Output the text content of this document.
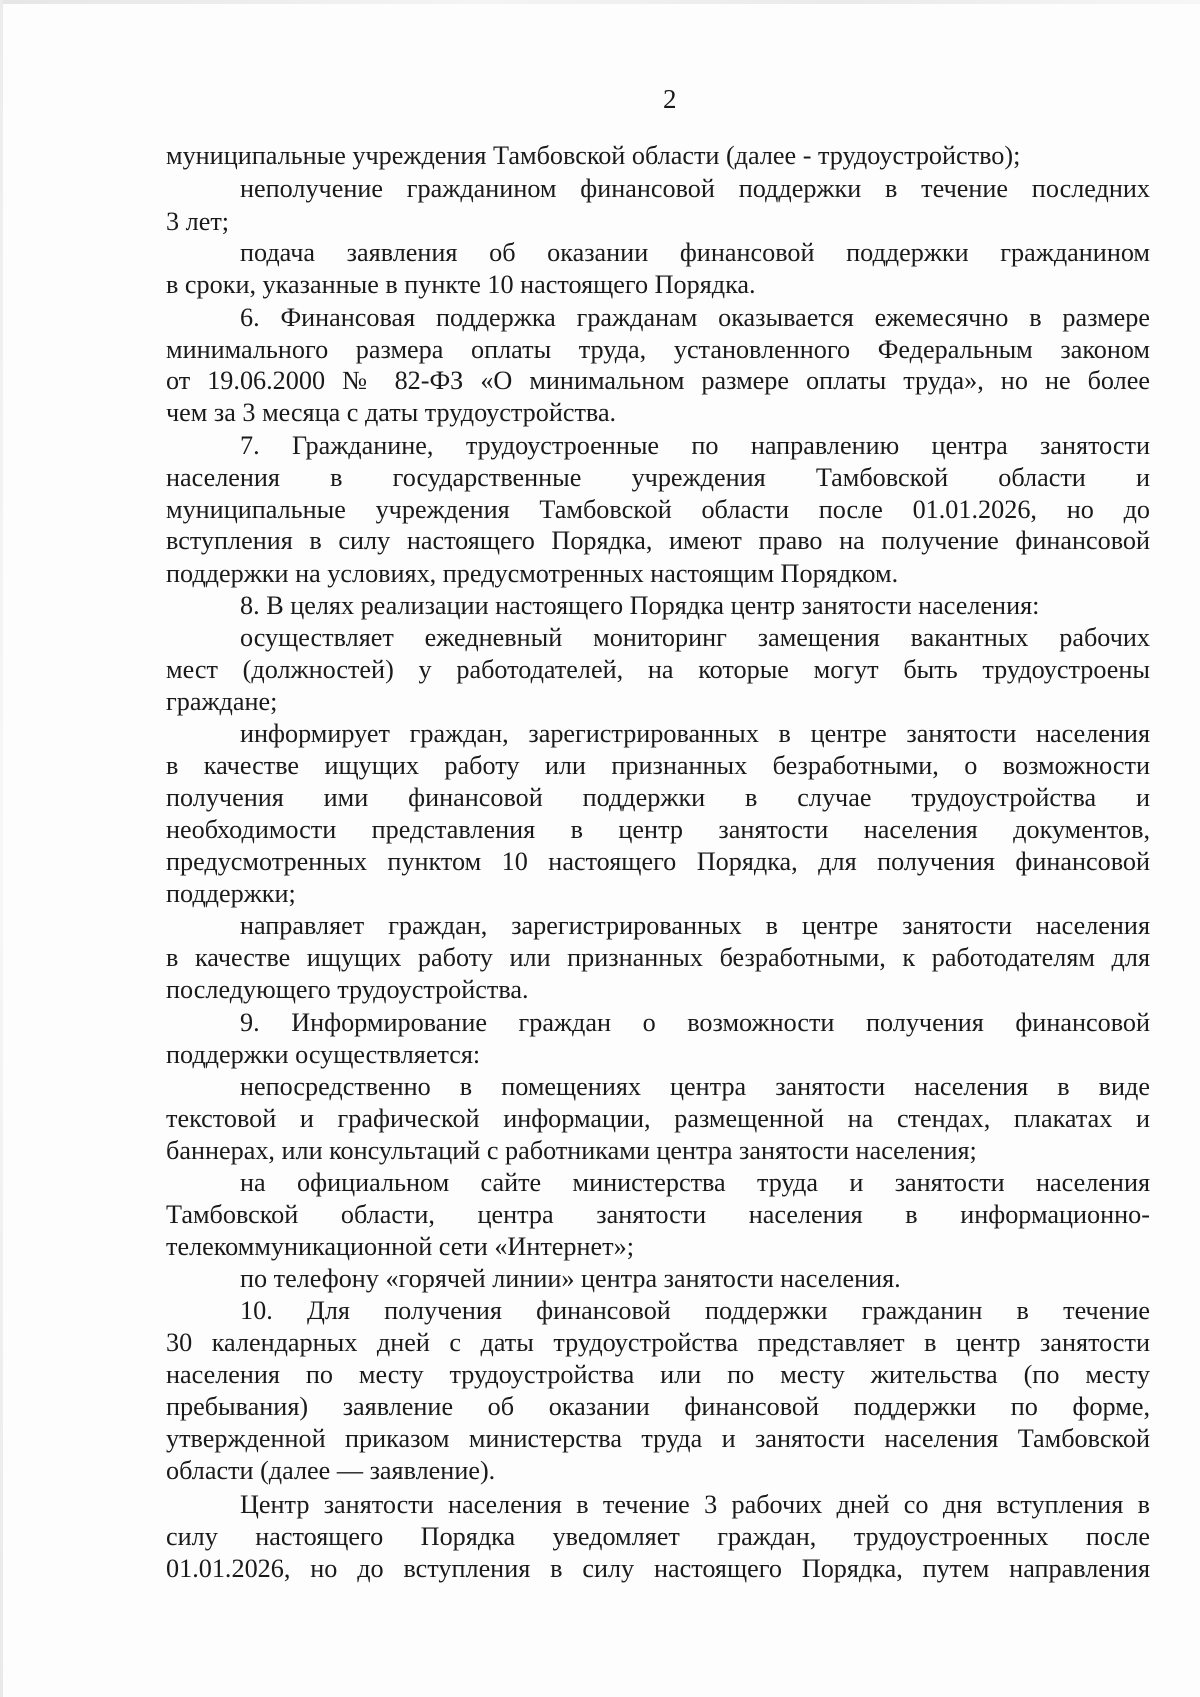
2
муниципальные учреждения Тамбовской области (далее - трудоустройство);
неполучение гражданином финансовой поддержки в течение последних
3 лет;
подача заявления об оказании финансовой поддержки гражданином
в сроки, указанные в пункте 10 настоящего Порядка.
6. Финансовая поддержка гражданам оказывается ежемесячно в размере
минимального размера оплаты труда, установленного Федеральным законом
от 19.06.2000 № 82-ФЗ «О минимальном размере оплаты труда», но не более
чем за 3 месяца с даты трудоустройства.
7. Гражданине, трудоустроенные по направлению центра занятости
населения в государственные учреждения Тамбовской области и
муниципальные учреждения Тамбовской области после 01.01.2026, но до
вступления в силу настоящего Порядка, имеют право на получение финансовой
поддержки на условиях, предусмотренных настоящим Порядком.
8. В целях реализации настоящего Порядка центр занятости населения:
осуществляет ежедневный мониторинг замещения вакантных рабочих
мест (должностей) у работодателей, на которые могут быть трудоустроены
граждане;
информирует граждан, зарегистрированных в центре занятости населения
в качестве ищущих работу или признанных безработными, о возможности
получения ими финансовой поддержки в случае трудоустройства и
необходимости представления в центр занятости населения документов,
предусмотренных пунктом 10 настоящего Порядка, для получения финансовой
поддержки;
направляет граждан, зарегистрированных в центре занятости населения
в качестве ищущих работу или признанных безработными, к работодателям для
последующего трудоустройства.
9. Информирование граждан о возможности получения финансовой
поддержки осуществляется:
непосредственно в помещениях центра занятости населения в виде
текстовой и графической информации, размещенной на стендах, плакатах и
баннерах, или консультаций с работниками центра занятости населения;
на официальном сайте министерства труда и занятости населения
Тамбовской области, центра занятости населения в информационно-
телекоммуникационной сети «Интернет»;
по телефону «горячей линии» центра занятости населения.
10. Для получения финансовой поддержки гражданин в течение
30 календарных дней с даты трудоустройства представляет в центр занятости
населения по месту трудоустройства или по месту жительства (по месту
пребывания) заявление об оказании финансовой поддержки по форме,
утвержденной приказом министерства труда и занятости населения Тамбовской
области (далее — заявление).
Центр занятости населения в течение 3 рабочих дней со дня вступления в
силу настоящего Порядка уведомляет граждан, трудоустроенных после
01.01.2026, но до вступления в силу настоящего Порядка, путем направления
